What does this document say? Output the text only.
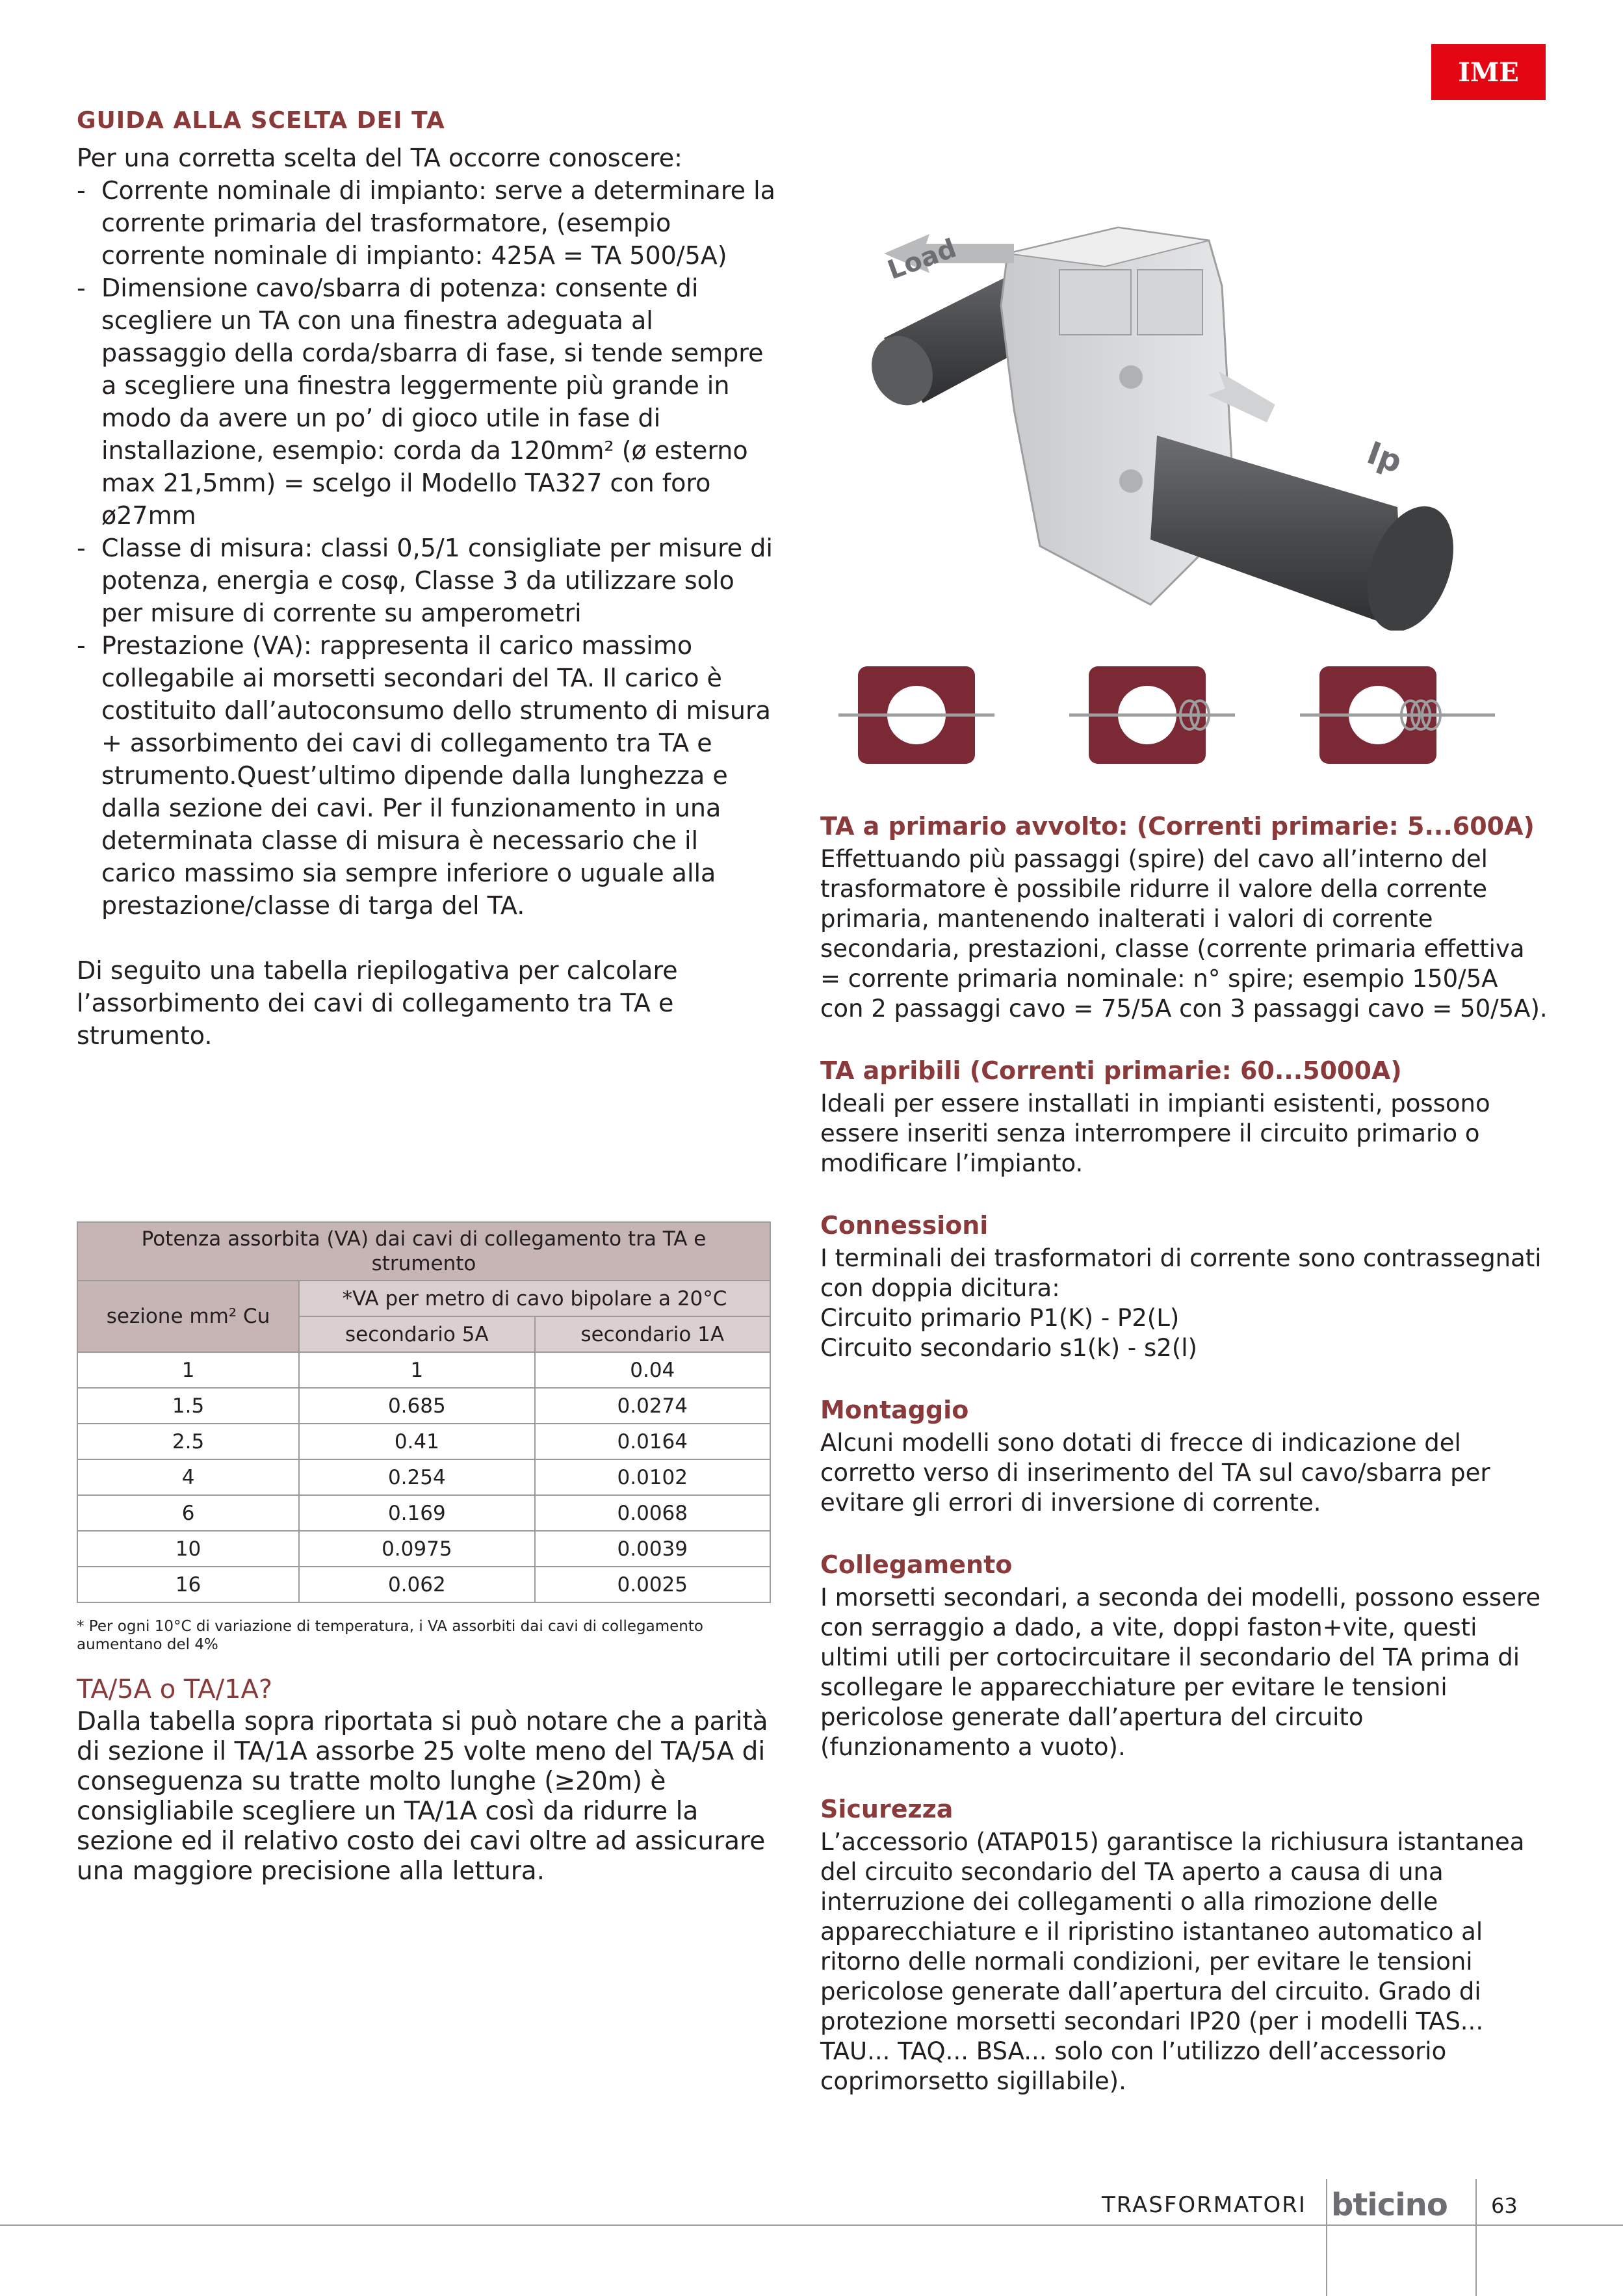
IME
GUIDA ALLA SCELTA DEI TA

Per una corretta scelta del TA occorre conoscere:

- Corrente nominale di impianto: serve a determinare la corrente primaria del trasformatore, (esempio corrente nominale di impianto: 425A = TA 500/5A)
- Dimensione cavo/sbarra di potenza: consente di scegliere un TA con una finestra adeguata al passaggio della corda/sbarra di fase, si tende sempre a scegliere una finestra leggermente più grande in modo da avere un po’ di gioco utile in fase di installazione, esempio: corda da 120mm² (ø esterno max 21,5mm) = scelgo il Modello TA327 con foro ø27mm
- Classe di misura: classi 0,5/1 consigliate per misure di potenza, energia e cosφ, Classe 3 da utilizzare solo per misure di corrente su amperometri
- Prestazione (VA): rappresenta il carico massimo collegabile ai morsetti secondari del TA. Il carico è costituito dall’autoconsumo dello strumento di misura + assorbimento dei cavi di collegamento tra TA e strumento.Quest’ultimo dipende dalla lunghezza e dalla sezione dei cavi. Per il funzionamento in una determinata classe di misura è necessario che il carico massimo sia sempre inferiore o uguale alla prestazione/classe di targa del TA.

Di seguito una tabella riepilogativa per calcolare l’assorbimento dei cavi di collegamento tra TA e strumento.

Potenza assorbita (VA) dai cavi di collegamento tra TA e strumento		
sezione mm² Cu	*VA per metro di cavo bipolare a 20°C	
	secondario 5A	secondario 1A
1	1	0.04
1.5	0.685	0.0274
2.5	0.41	0.0164
4	0.254	0.0102
6	0.169	0.0068
10	0.0975	0.0039
16	0.062	0.0025
* Per ogni 10°C di variazione di temperatura, i VA assorbiti dai cavi di collegamento aumentano del 4%
TA/5A o TA/1A?
Dalla tabella sopra riportata si può notare che a parità di sezione il TA/1A assorbe 25 volte meno del TA/5A di conseguenza su tratte molto lunghe (≥20m) è consigliabile scegliere un TA/1A così da ridurre la sezione ed il relativo costo dei cavi oltre ad assicurare una maggiore precisione alla lettura.
Load
Ip
TA a primario avvolto: (Correnti primarie: 5...600A)

Effettuando più passaggi (spire) del cavo all’interno del trasformatore è possibile ridurre il valore della corrente primaria, mantenendo inalterati i valori di corrente secondaria, prestazioni, classe (corrente primaria effettiva = corrente primaria nominale: n° spire; esempio 150/5A con 2 passaggi cavo = 75/5A con 3 passaggi cavo = 50/5A).

TA apribili (Correnti primarie: 60...5000A)

Ideali per essere installati in impianti esistenti, possono essere inseriti senza interrompere il circuito primario o modificare l’impianto.

Connessioni

I terminali dei trasformatori di corrente sono contrassegnati con doppia dicitura:
Circuito primario P1(K) - P2(L)
Circuito secondario s1(k) - s2(l)

Montaggio

Alcuni modelli sono dotati di frecce di indicazione del corretto verso di inserimento del TA sul cavo/sbarra per evitare gli errori di inversione di corrente.

Collegamento

I morsetti secondari, a seconda dei modelli, possono essere con serraggio a dado, a vite, doppi faston+vite, questi ultimi utili per cortocircuitare il secondario del TA prima di scollegare le apparecchiature per evitare le tensioni pericolose generate dall’apertura del circuito (funzionamento a vuoto).

Sicurezza

L’accessorio (ATAP015) garantisce la richiusura istantanea del circuito secondario del TA aperto a causa di una interruzione dei collegamenti o alla rimozione delle apparecchiature e il ripristino istantaneo automatico al ritorno delle normali condizioni, per evitare le tensioni pericolose generate dall’apertura del circuito. Grado di protezione morsetti secondari IP20 (per i modelli TAS... TAU... TAQ... BSA... solo con l’utilizzo dell’accessorio coprimorsetto sigillabile).

TRASFORMATORI bticino 63
